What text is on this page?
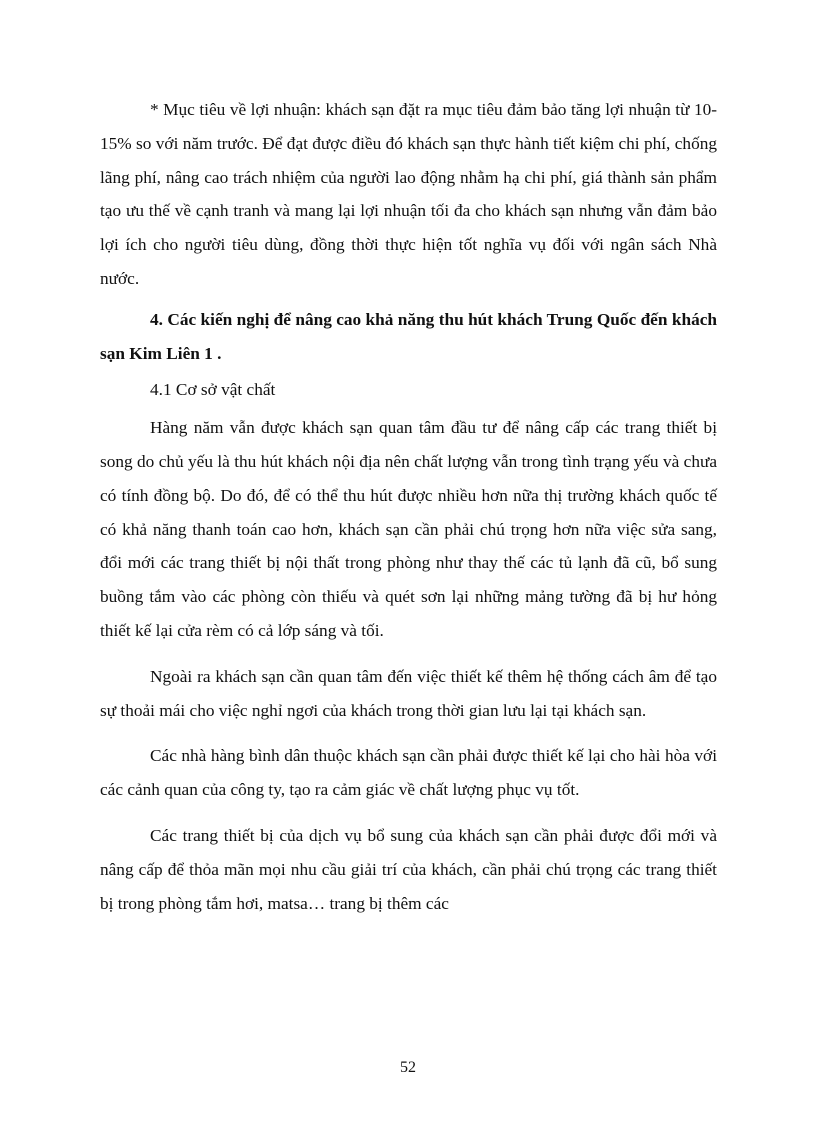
* Mục tiêu về lợi nhuận: khách sạn đặt ra mục tiêu đảm bảo tăng lợi nhuận từ 10-15% so với năm trước. Để đạt được điều đó khách sạn thực hành tiết kiệm chi phí, chống lãng phí, nâng cao trách nhiệm của người lao động nhằm hạ chi phí, giá thành sản phẩm tạo ưu thế về cạnh tranh và mang lại lợi nhuận tối đa cho khách sạn nhưng vẫn đảm bảo lợi ích cho người tiêu dùng, đồng thời thực hiện tốt nghĩa vụ đối với ngân sách Nhà nước.

4. Các kiến nghị để nâng cao khả năng thu hút khách Trung Quốc đến khách sạn Kim Liên 1 .

4.1 Cơ sở vật chất

Hàng năm vẫn được khách sạn quan tâm đầu tư để nâng cấp các trang thiết bị song do chủ yếu là thu hút khách nội địa nên chất lượng vẫn trong tình trạng yếu và chưa có tính đồng bộ. Do đó, để có thể thu hút được nhiều hơn nữa thị trường khách quốc tế có khả năng thanh toán cao hơn, khách sạn cần phải chú trọng hơn nữa việc sửa sang, đổi mới các trang thiết bị nội thất trong phòng như thay thế các tủ lạnh đã cũ, bổ sung buồng tắm vào các phòng còn thiếu và quét sơn lại những mảng tường đã bị hư hỏng thiết kế lại cửa rèm có cả lớp sáng và tối.

Ngoài ra khách sạn cần quan tâm đến việc thiết kế thêm hệ thống cách âm để tạo sự thoải mái cho việc nghỉ ngơi của khách trong thời gian lưu lại tại khách sạn.

Các nhà hàng bình dân thuộc khách sạn cần phải được thiết kế lại cho hài hòa với các cảnh quan của công ty, tạo ra cảm giác về chất lượng phục vụ tốt.

Các trang thiết bị của dịch vụ bổ sung của khách sạn cần phải được đổi mới và nâng cấp để thỏa mãn mọi nhu cầu giải trí của khách, cần phải chú trọng các trang thiết bị trong phòng tắm hơi, matsa… trang bị thêm các

52
